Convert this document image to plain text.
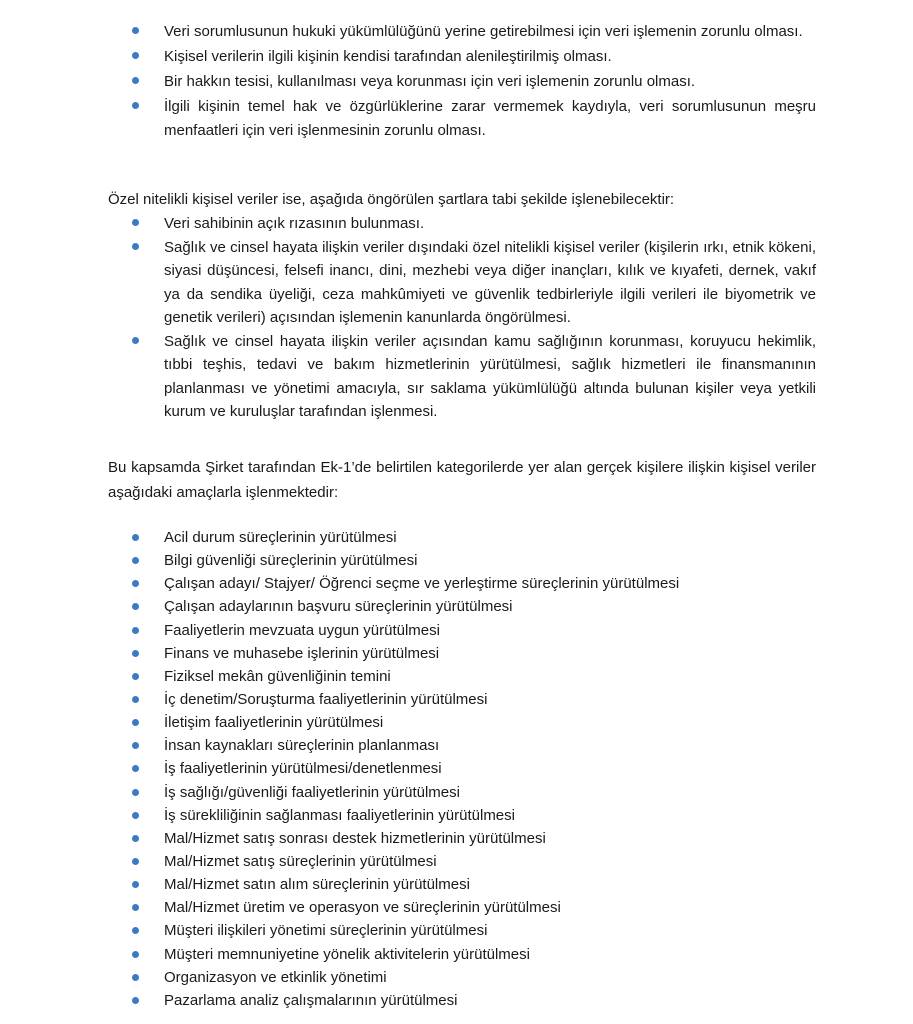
Veri sorumlusunun hukuki yükümlülüğünü yerine getirebilmesi için veri işlemenin zorunlu olması.
Kişisel verilerin ilgili kişinin kendisi tarafından alenileştirilmiş olması.
Bir hakkın tesisi, kullanılması veya korunması için veri işlemenin zorunlu olması.
İlgili kişinin temel hak ve özgürlüklerine zarar vermemek kaydıyla, veri sorumlusunun meşru menfaatleri için veri işlenmesinin zorunlu olması.

Özel nitelikli kişisel veriler ise, aşağıda öngörülen şartlara tabi şekilde işlenebilecektir:

Veri sahibinin açık rızasının bulunması.
Sağlık ve cinsel hayata ilişkin veriler dışındaki özel nitelikli kişisel veriler (kişilerin ırkı, etnik kökeni, siyasi düşüncesi, felsefi inancı, dini, mezhebi veya diğer inançları, kılık ve kıyafeti, dernek, vakıf ya da sendika üyeliği, ceza mahkûmiyeti ve güvenlik tedbirleriyle ilgili verileri ile biyometrik ve genetik verileri) açısından işlemenin kanunlarda öngörülmesi.
Sağlık ve cinsel hayata ilişkin veriler açısından kamu sağlığının korunması, koruyucu hekimlik, tıbbi teşhis, tedavi ve bakım hizmetlerinin yürütülmesi, sağlık hizmetleri ile finansmanının planlanması ve yönetimi amacıyla, sır saklama yükümlülüğü altında bulunan kişiler veya yetkili kurum ve kuruluşlar tarafından işlenmesi.

Bu kapsamda Şirket tarafından Ek-1’de belirtilen kategorilerde yer alan gerçek kişilere ilişkin kişisel veriler aşağıdaki amaçlarla işlenmektedir:

Acil durum süreçlerinin yürütülmesi
Bilgi güvenliği süreçlerinin yürütülmesi
Çalışan adayı/ Stajyer/ Öğrenci seçme ve yerleştirme süreçlerinin yürütülmesi
Çalışan adaylarının başvuru süreçlerinin yürütülmesi
Faaliyetlerin mevzuata uygun yürütülmesi
Finans ve muhasebe işlerinin yürütülmesi
Fiziksel mekân güvenliğinin temini
İç denetim/Soruşturma faaliyetlerinin yürütülmesi
İletişim faaliyetlerinin yürütülmesi
İnsan kaynakları süreçlerinin planlanması
İş faaliyetlerinin yürütülmesi/denetlenmesi
İş sağlığı/güvenliği faaliyetlerinin yürütülmesi
İş sürekliliğinin sağlanması faaliyetlerinin yürütülmesi
Mal/Hizmet satış sonrası destek hizmetlerinin yürütülmesi
Mal/Hizmet satış süreçlerinin yürütülmesi
Mal/Hizmet satın alım süreçlerinin yürütülmesi
Mal/Hizmet üretim ve operasyon ve süreçlerinin yürütülmesi
Müşteri ilişkileri yönetimi süreçlerinin yürütülmesi
Müşteri memnuniyetine yönelik aktivitelerin yürütülmesi
Organizasyon ve etkinlik yönetimi
Pazarlama analiz çalışmalarının yürütülmesi
